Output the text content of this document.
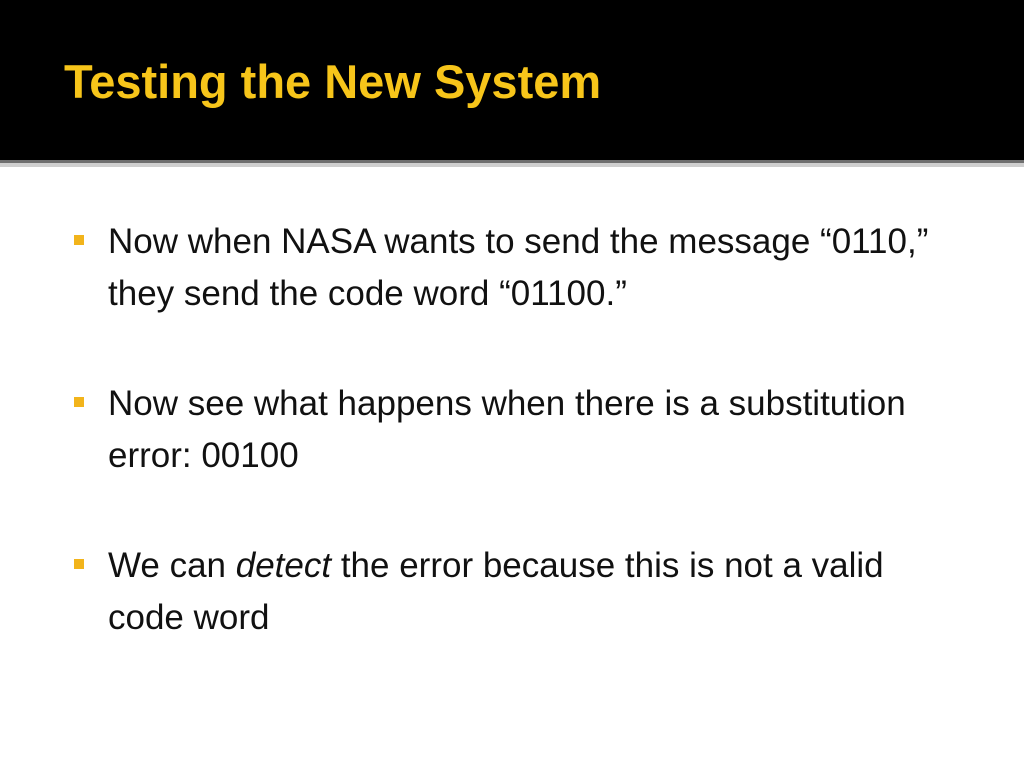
Testing the New System
Now when NASA wants to send the message “0110,” they send the code word “01100.”
Now see what happens when there is a substitution error: 00100
We can detect the error because this is not a valid code word
